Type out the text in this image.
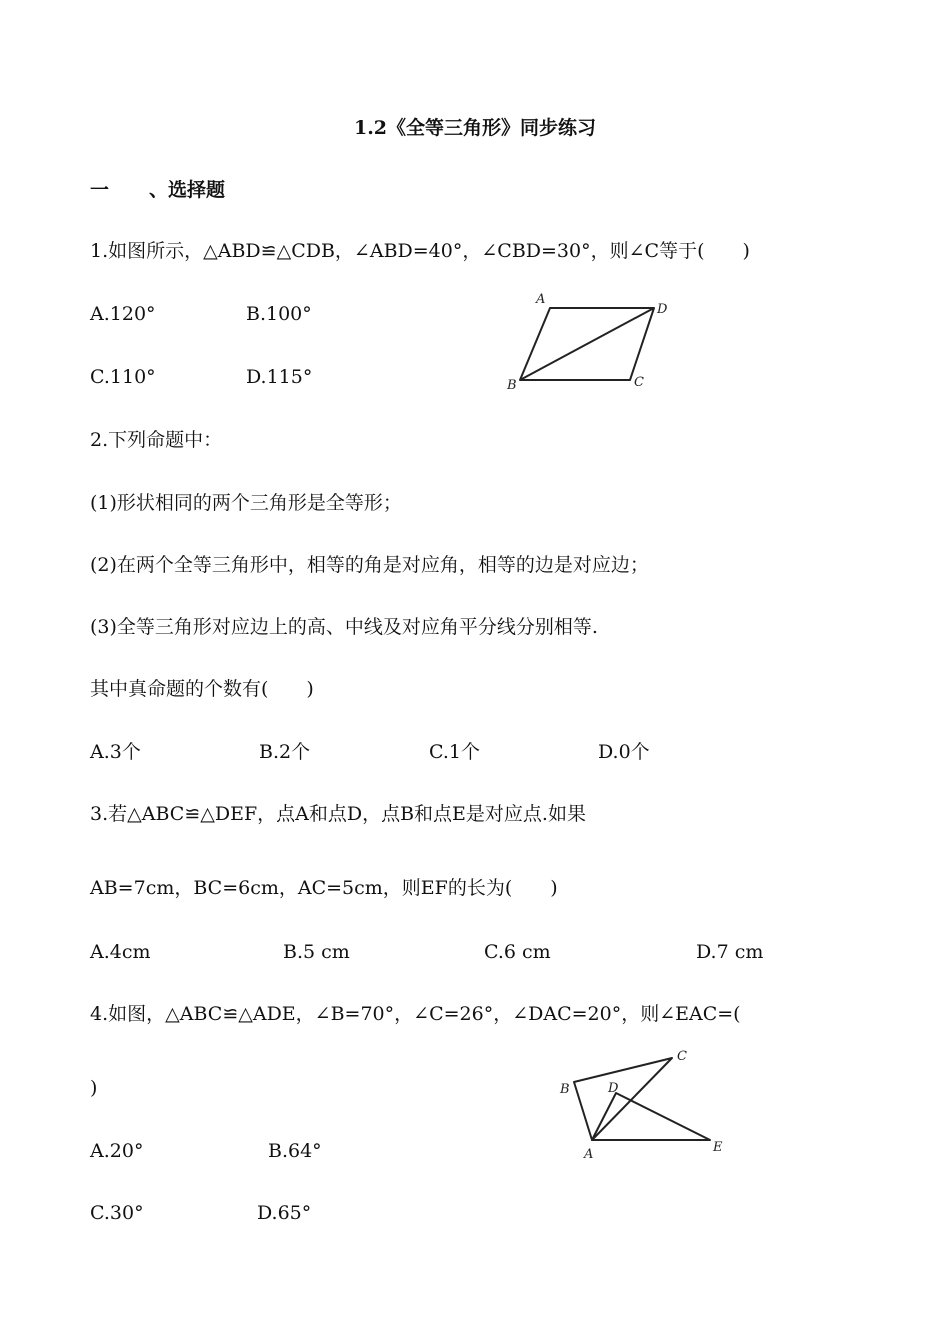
1.2《全等三角形》同步练习
一 、选择题
1.如图所示，△ABD≌△CDB，∠ABD=40°，∠CBD=30°，则∠C等于(　　)
A.120°	B.100°
C.110°	D.115°
A
D
B	C
2.下列命题中：
(1)形状相同的两个三角形是全等形；
(2)在两个全等三角形中，相等的角是对应角，相等的边是对应边；
(3)全等三角形对应边上的高、中线及对应角平分线分别相等.
其中真命题的个数有(　　)
A.3个	B.2个	C.1个	D.0个
3.若△ABC≌△DEF，点A和点D，点B和点E是对应点.如果
AB=7cm，BC=6cm，AC=5cm，则EF的长为(　　)
A.4cm	B.5 cm	C.6 cm	D.7 cm
4.如图，△ABC≌△ADE，∠B=70°，∠C=26°，∠DAC=20°，则∠EAC=(
)
A.20°	B.64°
C.30°	D.65°
B
C
D
A	E
